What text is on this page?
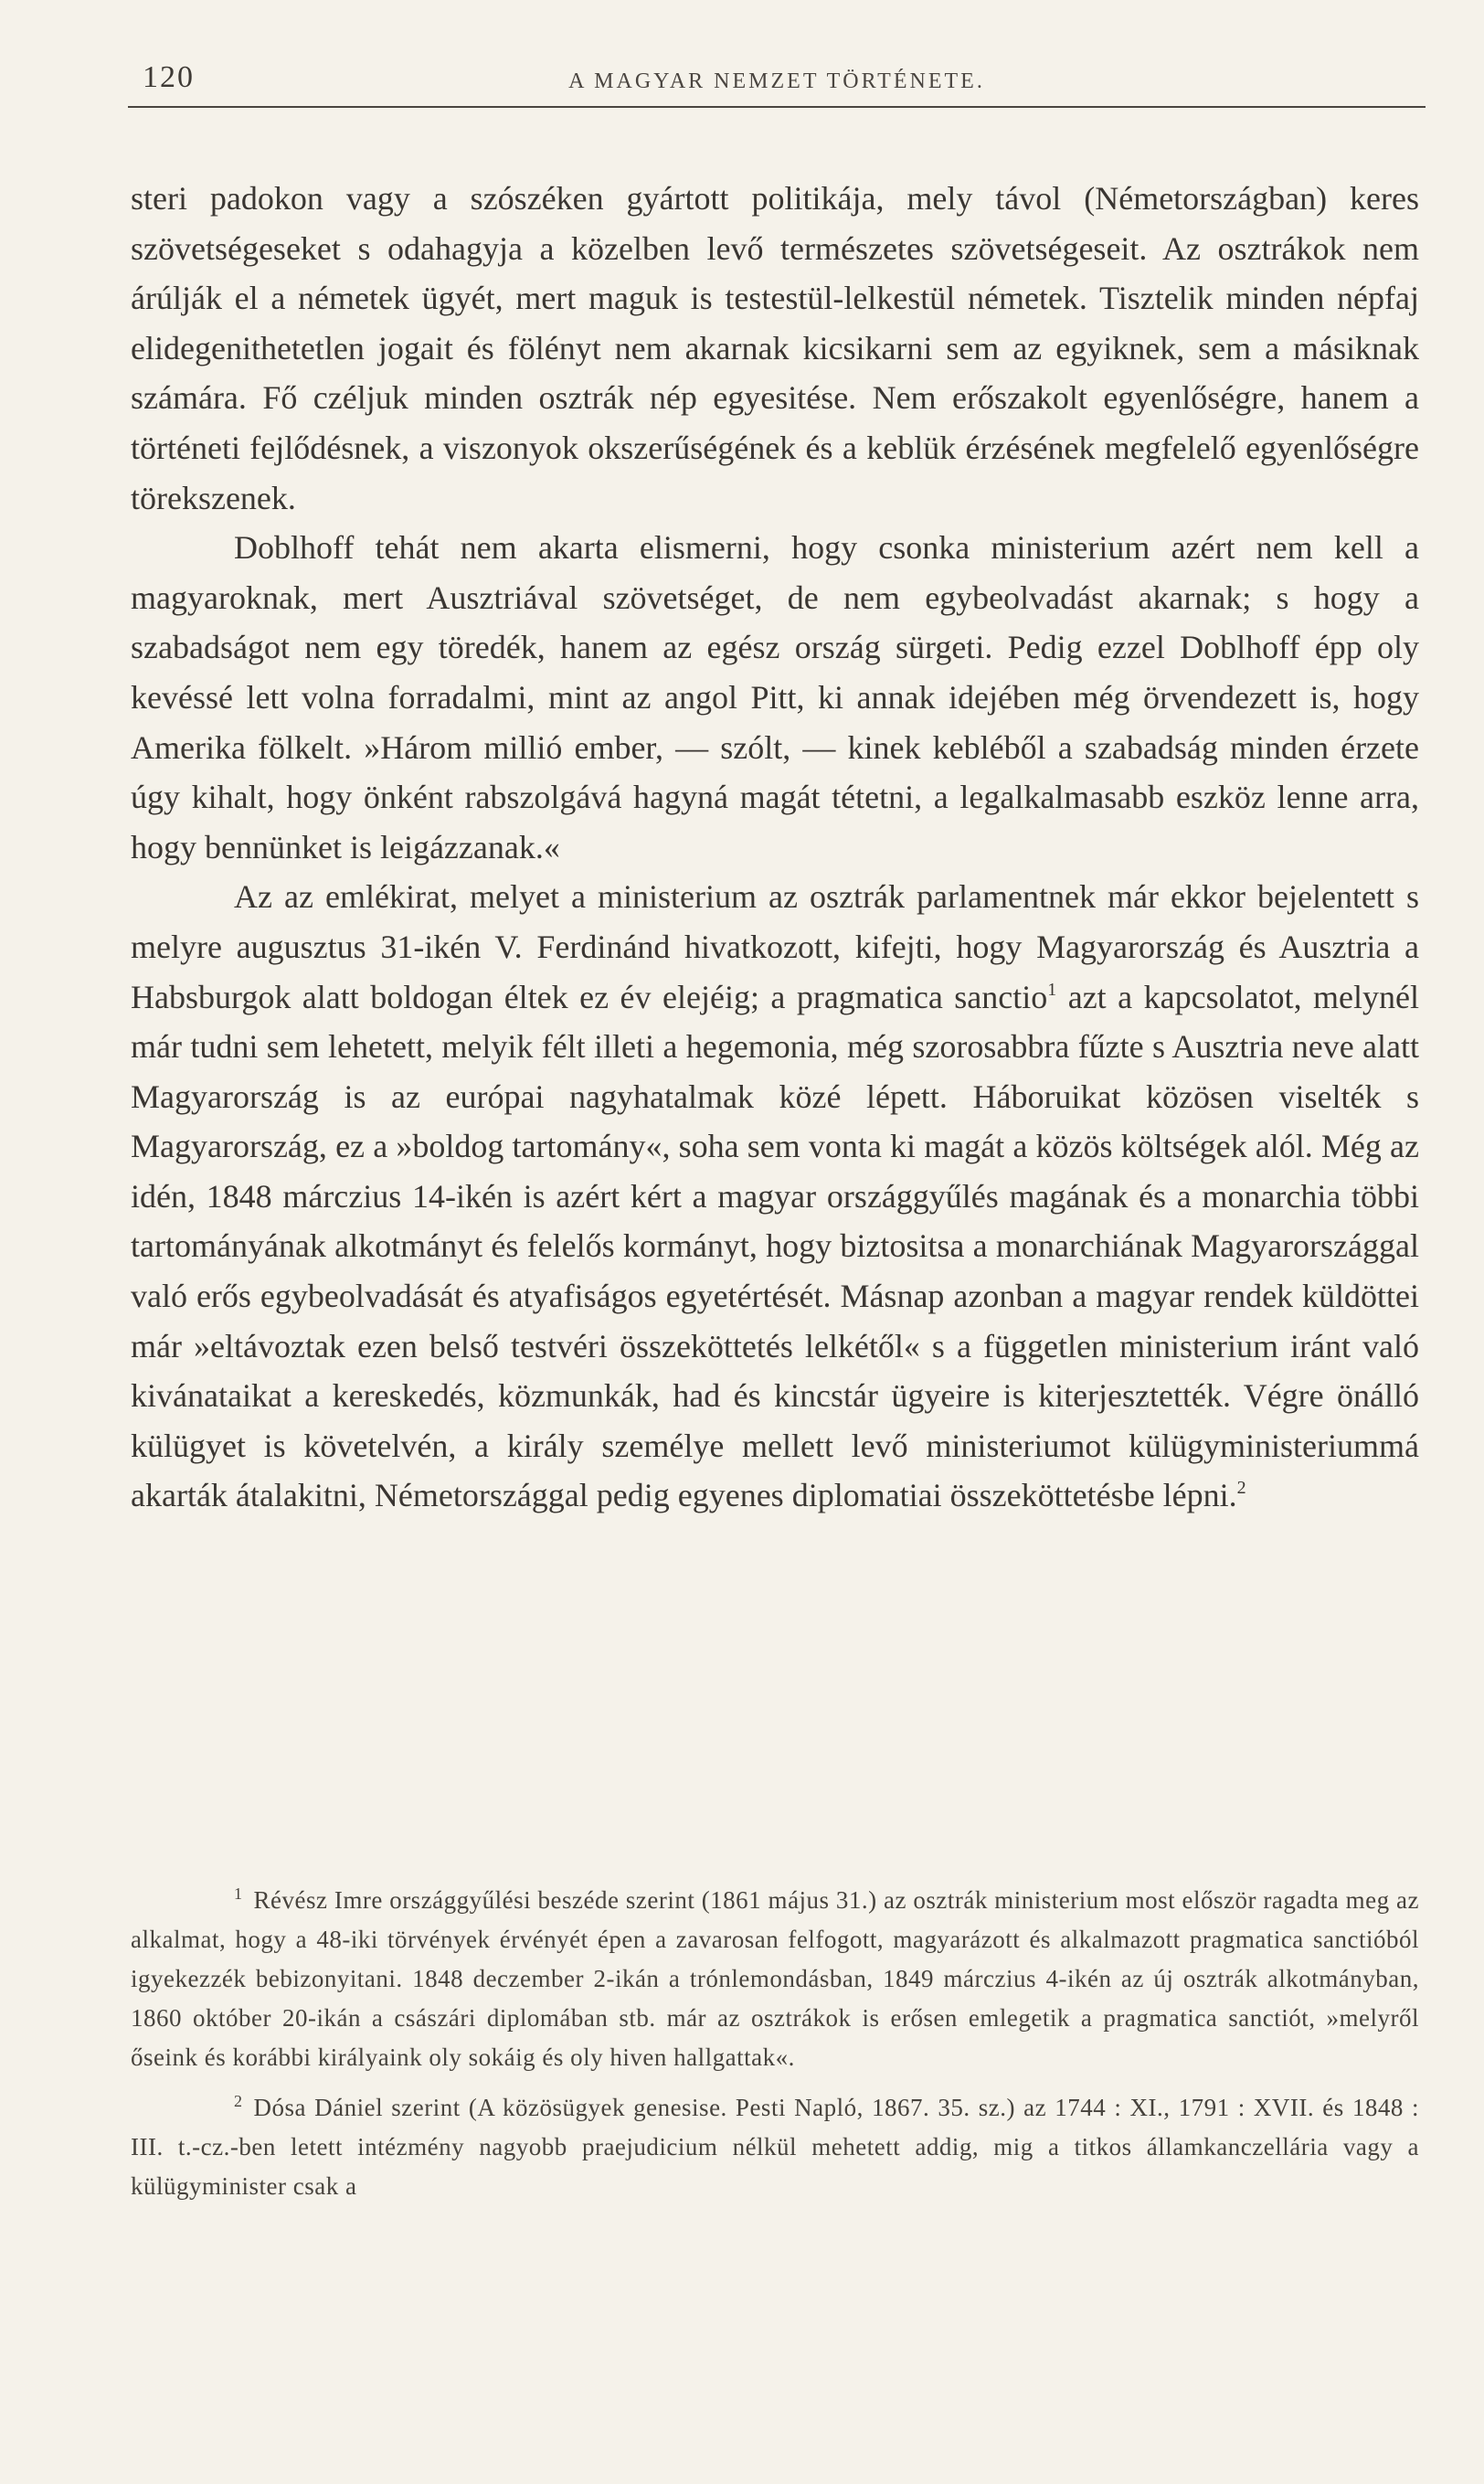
120	A MAGYAR NEMZET TÖRTÉNETE.

steri padokon vagy a szószéken gyártott politikája, mely távol (Németországban) keres szövetségeseket s odahagyja a közelben levő természetes szövetségeseit. Az osztrákok nem árúlják el a németek ügyét, mert maguk is testestül-lelkestül németek. Tisztelik minden népfaj elidegenithetetlen jogait és fölényt nem akarnak kicsikarni sem az egyiknek, sem a másiknak számára. Fő czéljuk minden osztrák nép egyesitése. Nem erőszakolt egyenlőségre, hanem a történeti fejlődésnek, a viszonyok okszerűségének és a keblük érzésének megfelelő egyenlőségre törekszenek.

Doblhoff tehát nem akarta elismerni, hogy csonka ministerium azért nem kell a magyaroknak, mert Ausztriával szövetséget, de nem egybeolvadást akarnak; s hogy a szabadságot nem egy töredék, hanem az egész ország sürgeti. Pedig ezzel Doblhoff épp oly kevéssé lett volna forradalmi, mint az angol Pitt, ki annak idejében még örvendezett is, hogy Amerika fölkelt. »Három millió ember, — szólt, — kinek kebléből a szabadság minden érzete úgy kihalt, hogy önként rabszolgává hagyná magát tétetni, a legalkalmasabb eszköz lenne arra, hogy bennünket is leigázzanak.«

Az az emlékirat, melyet a ministerium az osztrák parlamentnek már ekkor bejelentett s melyre augusztus 31-ikén V. Ferdinánd hivatkozott, kifejti, hogy Magyarország és Ausztria a Habsburgok alatt boldogan éltek ez év elejéig; a pragmatica sanctio$^1$ azt a kapcsolatot, melynél már tudni sem lehetett, melyik félt illeti a hegemonia, még szorosabbra fűzte s Ausztria neve alatt Magyarország is az európai nagyhatalmak közé lépett. Háboruikat közösen viselték s Magyarország, ez a »boldog tartomány«, soha sem vonta ki magát a közös költségek alól. Még az idén, 1848 márczius 14-ikén is azért kért a magyar országgyűlés magának és a monarchia többi tartományának alkotmányt és felelős kormányt, hogy biztositsa a monarchiának Magyarországgal való erős egybeolvadását és atyafiságos egyetértését. Másnap azonban a magyar rendek küldöttei már »eltávoztak ezen belső testvéri összeköttetés lelkétől« s a független ministerium iránt való kivánataikat a kereskedés, közmunkák, had és kincstár ügyeire is kiterjesztették. Végre önálló külügyet is követelvén, a király személye mellett levő ministeriumot külügyministeriummá akarták átalakitni, Németországgal pedig egyenes diplomatiai összeköttetésbe lépni.$^2$

$^1$ Révész Imre országgyűlési beszéde szerint (1861 május 31.) az osztrák ministerium most először ragadta meg az alkalmat, hogy a 48-iki törvények érvényét épen a zavarosan felfogott, magyarázott és alkalmazott pragmatica sanctióból igyekezzék bebizonyitani. 1848 deczember 2-ikán a trónlemondásban, 1849 márczius 4-ikén az új osztrák alkotmányban, 1860 október 20-ikán a császári diplomában stb. már az osztrákok is erősen emlegetik a pragmatica sanctiót, »melyről őseink és korábbi királyaink oly sokáig és oly hiven hallgattak«.

$^2$ Dósa Dániel szerint (A közösügyek genesise. Pesti Napló, 1867. 35. sz.) az 1744 : XI., 1791 : XVII. és 1848 : III. t.-cz.-ben letett intézmény nagyobb praejudicium nélkül mehetett addig, mig a titkos államkanczellária vagy a külügyminister csak a
